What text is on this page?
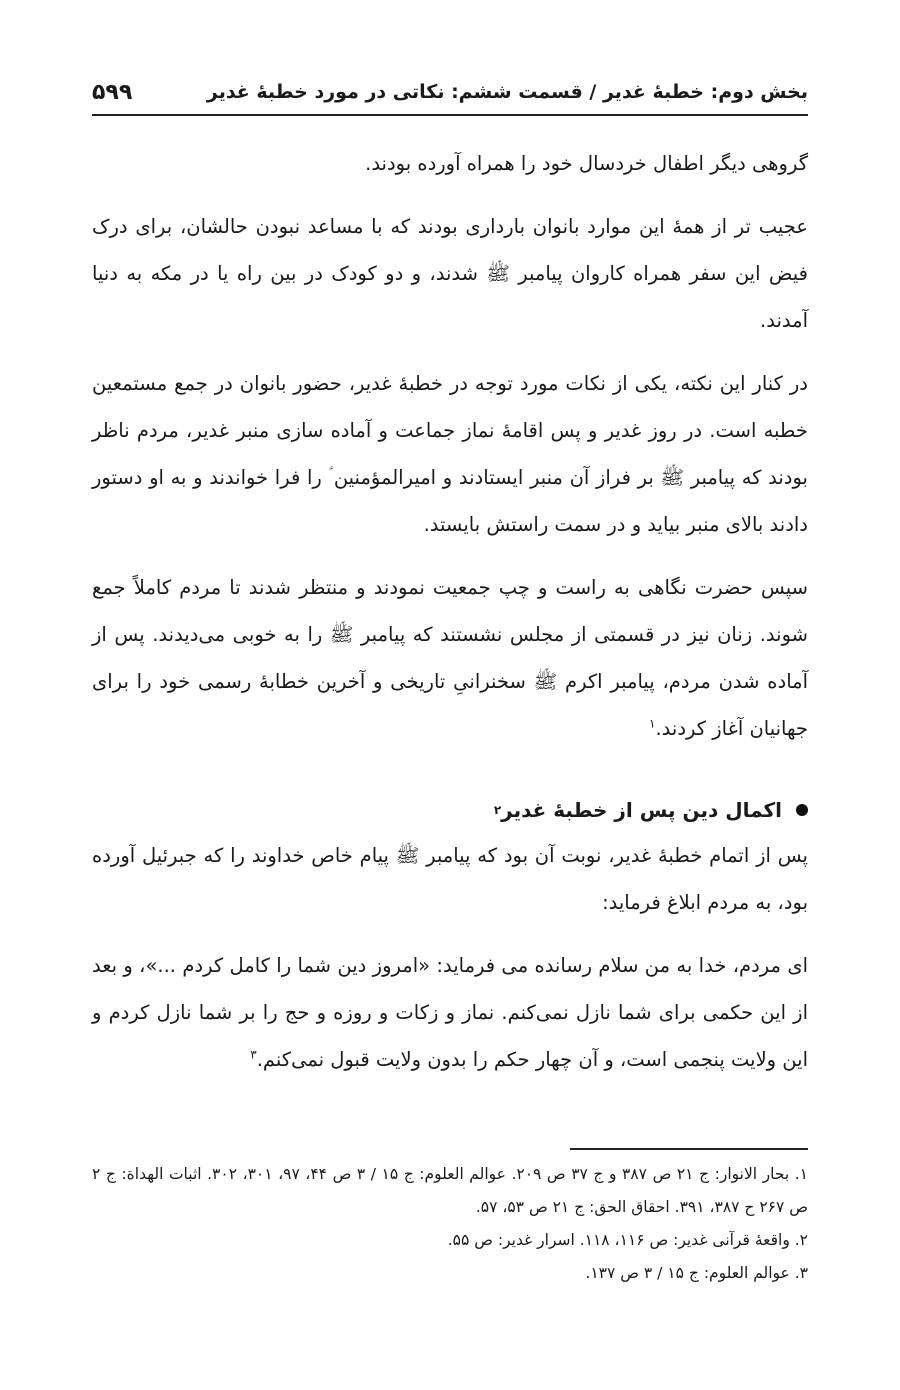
بخش دوم: خطبۀ غدیر / قسمت ششم: نکاتی در مورد خطبۀ غدیر
۵۹۹

گروهی دیگر اطفال خردسال خود را همراه آورده بودند.

عجیب تر از همهٔ این موارد بانوان بارداری بودند که با مساعد نبودن حالشان، برای درک فیض این سفر همراه کاروان پیامبر ﷺ شدند، و دو کودک در بین راه یا در مکه به دنیا آمدند.

در کنار این نکته، یکی از نکات مورد توجه در خطبۀ غدیر، حضور بانوان در جمع مستمعین خطبه است. در روز غدیر و پس اقامۀ نماز جماعت و آماده سازی منبر غدیر، مردم ناظر بودند که پیامبر ﷺ بر فراز آن منبر ایستادند و امیرالمؤمنین ؑ را فرا خواندند و به او دستور دادند بالای منبر بیاید و در سمت راستش بایستد.

سپس حضرت نگاهی به راست و چپ جمعیت نمودند و منتظر شدند تا مردم کاملاً جمع شوند. زنان نیز در قسمتی از مجلس نشستند که پیامبر ﷺ را به خوبی می‌دیدند. پس از آماده شدن مردم، پیامبر اکرم ﷺ سخنرانیِ تاریخی و آخرین خطابۀ رسمی خود را برای جهانیان آغاز کردند.$^۱$

اکمال دین پس از خطبۀ غدیر
۲

پس از اتمام خطبۀ غدیر، نوبت آن بود که پیامبر ﷺ پیام خاص خداوند را که جبرئیل آورده بود، به مردم ابلاغ فرماید:

ای مردم، خدا به من سلام رسانده می فرماید: «امروز دین شما را کامل کردم ...»، و بعد از این حکمی برای شما نازل نمی‌کنم. نماز و زکات و روزه و حج را بر شما نازل کردم و این ولایت پنجمی است، و آن چهار حکم را بدون ولایت قبول نمی‌کنم.$^۳$

۱. بحار الانوار: ج ۲۱ ص ۳۸۷ و ج ۳۷ ص ۲۰۹. عوالم العلوم: ج ۱۵ / ۳ ص ۴۴، ۹۷، ۳۰۱، ۳۰۲. اثبات الهداة: ج ۲ ص ۲۶۷ ح ۳۸۷، ۳۹۱. احقاق الحق: ج ۲۱ ص ۵۳، ۵۷.

۲. واقعۀ قرآنی غدیر: ص ۱۱۶، ۱۱۸. اسرار غدیر: ص ۵۵.

۳. عوالم العلوم: ج ۱۵ / ۳ ص ۱۳۷.
